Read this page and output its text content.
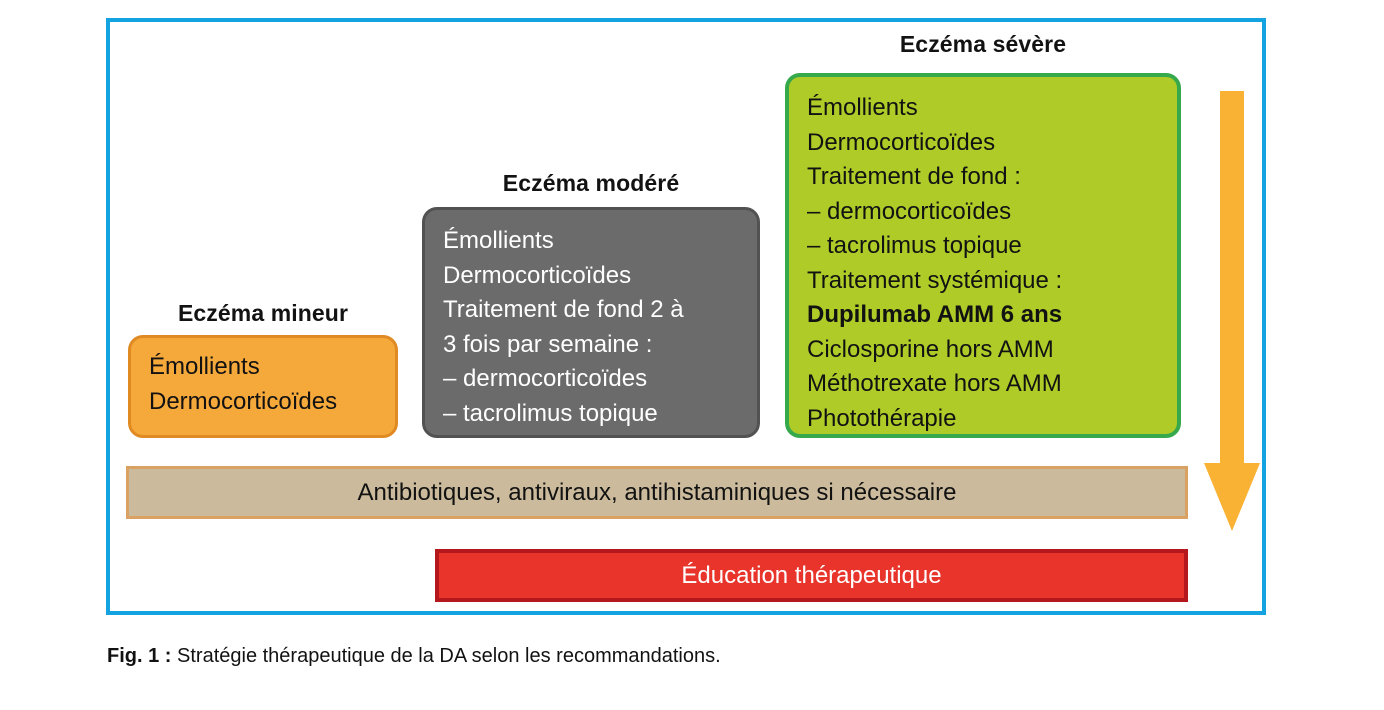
Eczéma mineur
Eczéma modéré
Eczéma sévère
Émollients
Dermocorticoïdes
Émollients
Dermocorticoïdes
Traitement de fond 2 à
3 fois par semaine :
– dermocorticoïdes
– tacrolimus topique
Émollients
Dermocorticoïdes
Traitement de fond :
– dermocorticoïdes
– tacrolimus topique
Traitement systémique :
Dupilumab AMM 6 ans
Ciclosporine hors AMM
Méthotrexate hors AMM
Photothérapie
Antibiotiques, antiviraux, antihistaminiques si nécessaire
Éducation thérapeutique
Fig. 1 : Stratégie thérapeutique de la DA selon les recommandations.
